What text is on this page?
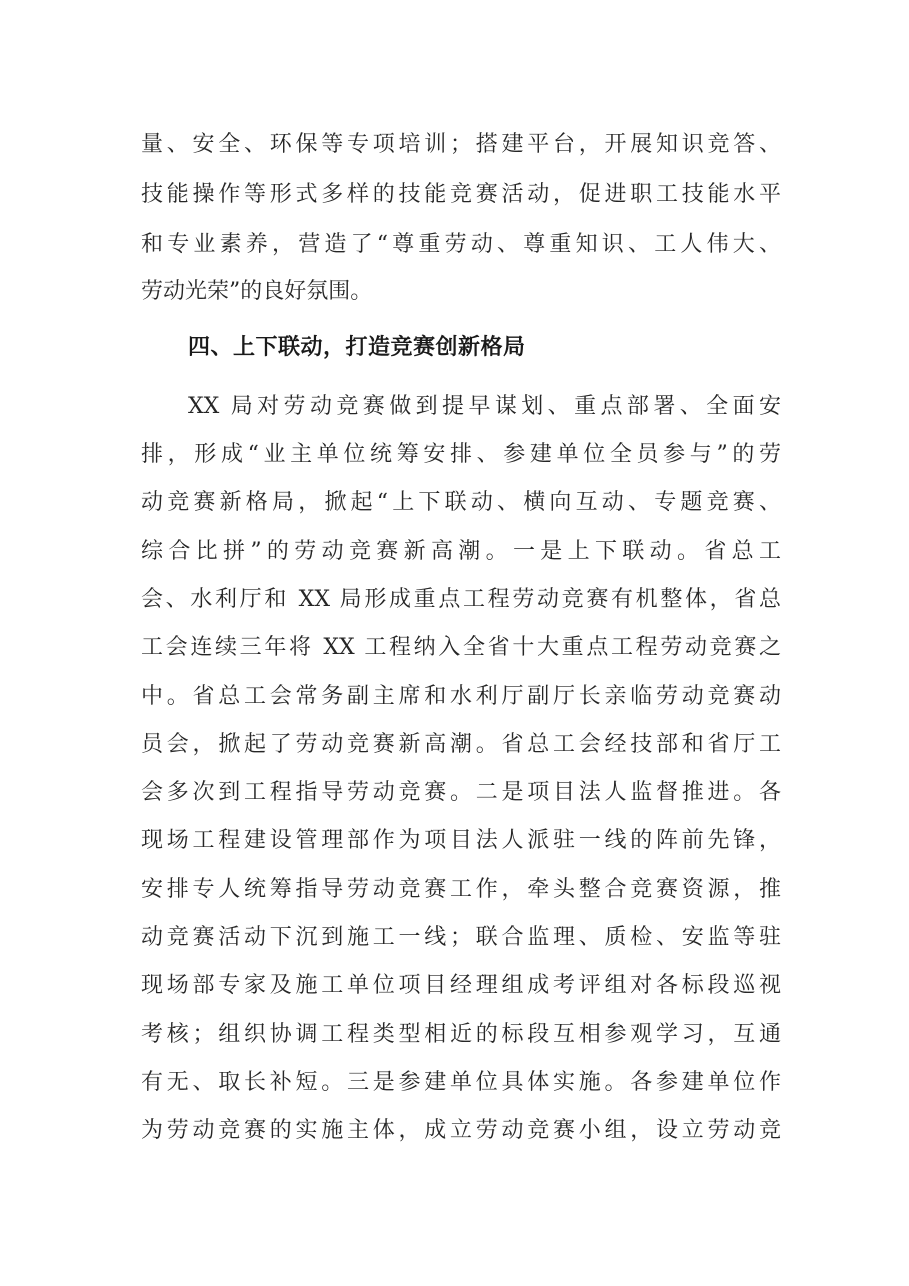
量、安全、环保等专项培训；搭建平台，开展知识竞答、
技能操作等形式多样的技能竞赛活动，促进职工技能水平
和专业素养，营造了“尊重劳动、尊重知识、工人伟大、
劳动光荣”的良好氛围。
四、上下联动，打造竞赛创新格局
XX 局对劳动竞赛做到提早谋划、重点部署、全面安
排，形成“业主单位统筹安排、参建单位全员参与”的劳
动竞赛新格局，掀起“上下联动、横向互动、专题竞赛、
综合比拼”的劳动竞赛新高潮。一是上下联动。省总工
会、水利厅和 XX 局形成重点工程劳动竞赛有机整体，省总
工会连续三年将 XX 工程纳入全省十大重点工程劳动竞赛之
中。省总工会常务副主席和水利厅副厅长亲临劳动竞赛动
员会，掀起了劳动竞赛新高潮。省总工会经技部和省厅工
会多次到工程指导劳动竞赛。二是项目法人监督推进。各
现场工程建设管理部作为项目法人派驻一线的阵前先锋，
安排专人统筹指导劳动竞赛工作，牵头整合竞赛资源，推
动竞赛活动下沉到施工一线；联合监理、质检、安监等驻
现场部专家及施工单位项目经理组成考评组对各标段巡视
考核；组织协调工程类型相近的标段互相参观学习，互通
有无、取长补短。三是参建单位具体实施。各参建单位作
为劳动竞赛的实施主体，成立劳动竞赛小组，设立劳动竞
